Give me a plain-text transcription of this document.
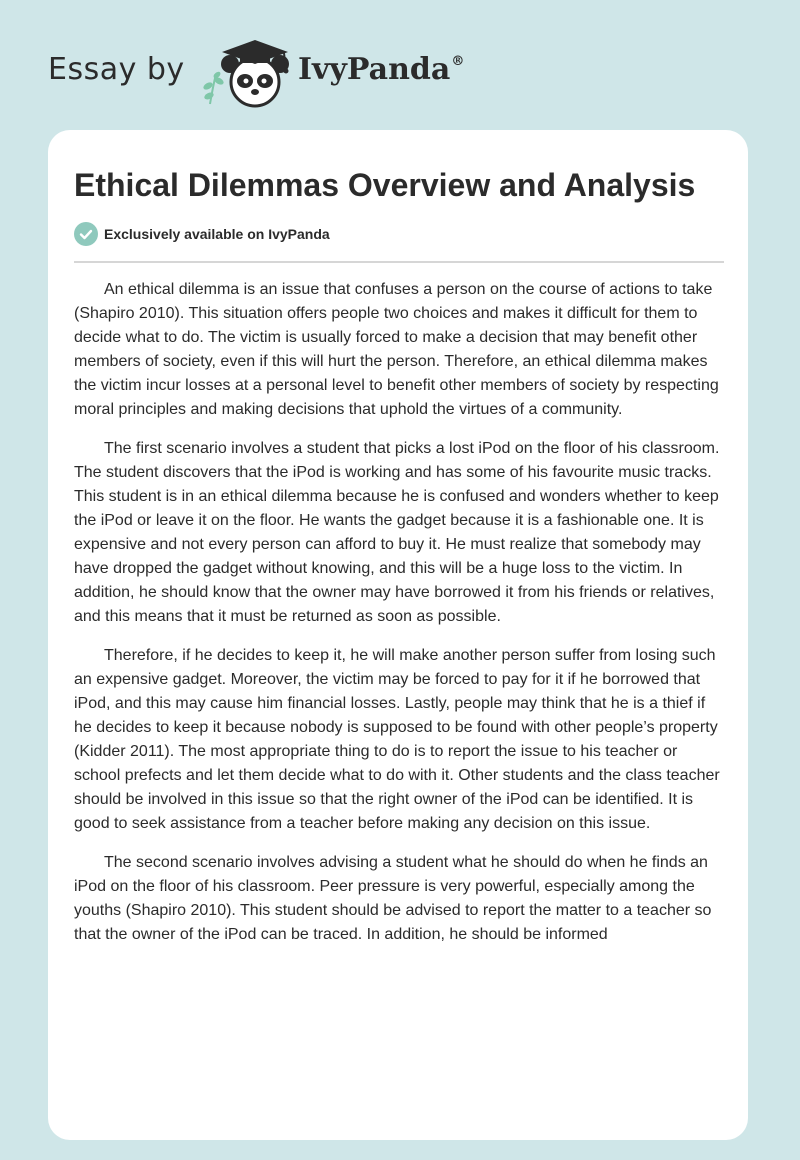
Essay by	IvyPanda®
Ethical Dilemmas Overview and Analysis
Exclusively available on IvyPanda

An ethical dilemma is an issue that confuses a person on the course of actions to take (Shapiro 2010). This situation offers people two choices and makes it difficult for them to decide what to do. The victim is usually forced to make a decision that may benefit other members of society, even if this will hurt the person. Therefore, an ethical dilemma makes the victim incur losses at a personal level to benefit other members of society by respecting moral principles and making decisions that uphold the virtues of a community.

The first scenario involves a student that picks a lost iPod on the floor of his classroom. The student discovers that the iPod is working and has some of his favourite music tracks. This student is in an ethical dilemma because he is confused and wonders whether to keep the iPod or leave it on the floor. He wants the gadget because it is a fashionable one. It is expensive and not every person can afford to buy it. He must realize that somebody may have dropped the gadget without knowing, and this will be a huge loss to the victim. In addition, he should know that the owner may have borrowed it from his friends or relatives, and this means that it must be returned as soon as possible.

Therefore, if he decides to keep it, he will make another person suffer from losing such an expensive gadget. Moreover, the victim may be forced to pay for it if he borrowed that iPod, and this may cause him financial losses. Lastly, people may think that he is a thief if he decides to keep it because nobody is supposed to be found with other people’s property (Kidder 2011). The most appropriate thing to do is to report the issue to his teacher or school prefects and let them decide what to do with it. Other students and the class teacher should be involved in this issue so that the right owner of the iPod can be identified. It is good to seek assistance from a teacher before making any decision on this issue.

The second scenario involves advising a student what he should do when he finds an iPod on the floor of his classroom. Peer pressure is very powerful, especially among the youths (Shapiro 2010). This student should be advised to report the matter to a teacher so that the owner of the iPod can be traced. In addition, he should be informed
